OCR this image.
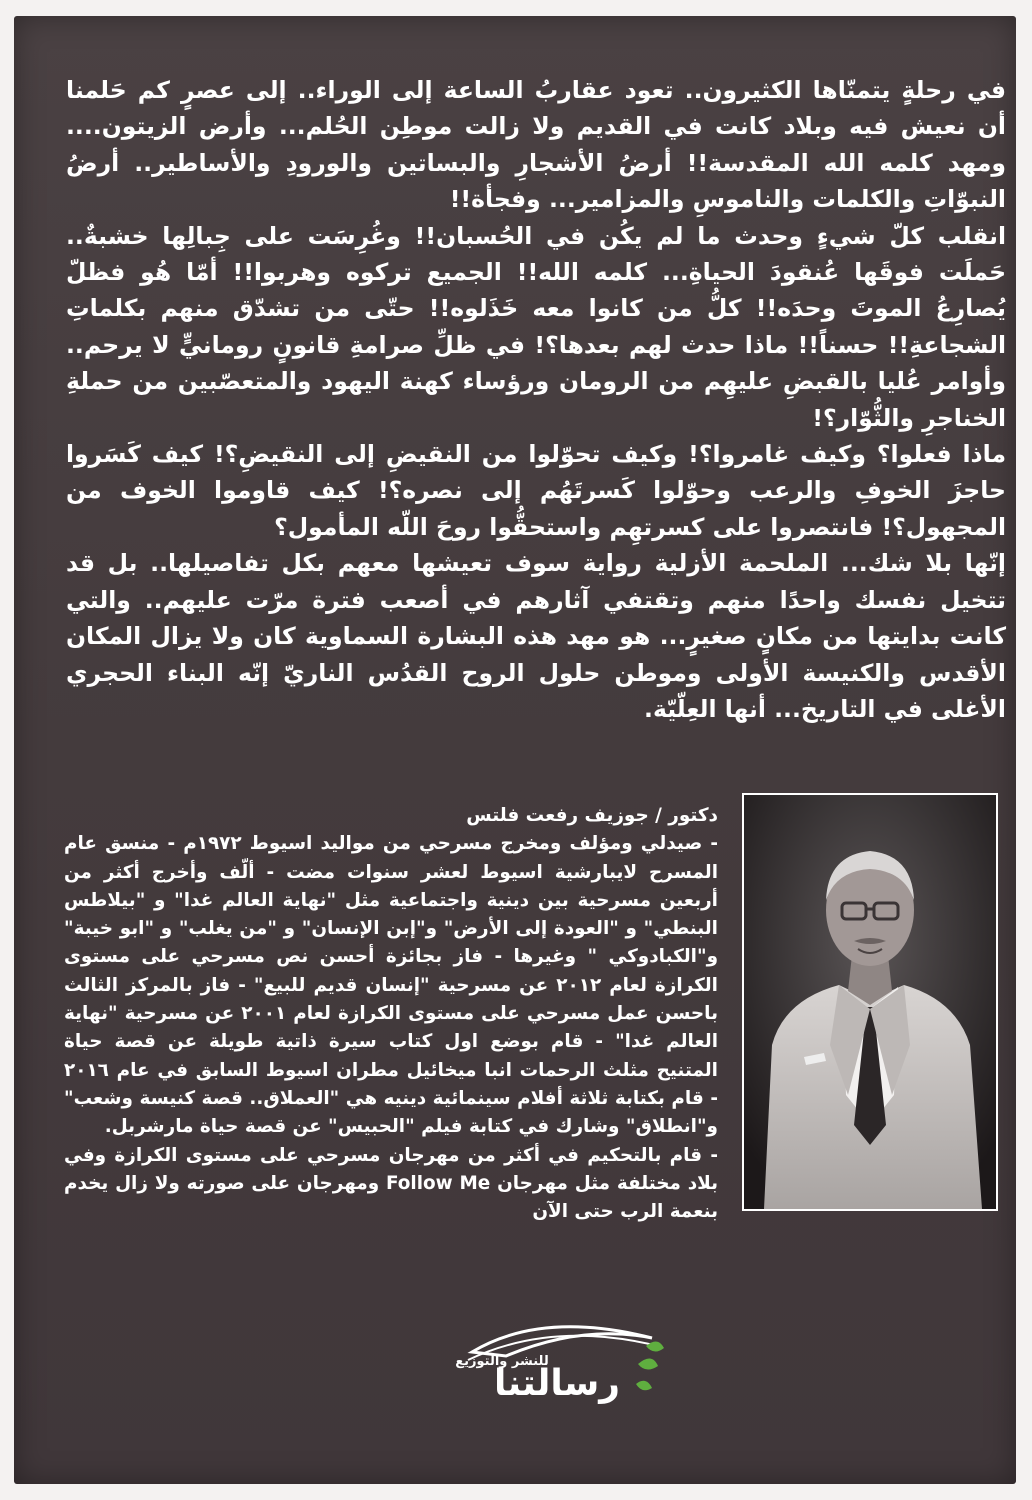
في رحلةٍ يتمنّاها الكثيرون.. تعود عقاربُ الساعة إلى الوراء.. إلى عصرٍ كم حَلمنا أن نعيش فيه وبلاد كانت في القديم ولا زالت موطِن الحُلم... وأرض الزيتون.... ومهد كلمه الله المقدسة!! أرضُ الأشجارِ والبساتين والورودِ والأساطير.. أرضُ النبوّاتِ والكلمات والناموسِ والمزامير... وفجأة!!

انقلب كلّ شيءٍ وحدث ما لم يكُن في الحُسبان!! وغُرِسَت على جِبالِها خشبةٌ.. حَملَت فوقَها عُنقودَ الحياةِ... كلمه الله!! الجميع تركوه وهربوا!! أمّا هُو فظلّ يُصارِعُ الموتَ وحدَه!! كلُّ من كانوا معه خَذَلوه!! حتّى من تشدّق منهم بكلماتِ الشجاعةِ!! حسناً!! ماذا حدث لهم بعدها؟! في ظلِّ صرامةِ قانونٍ رومانيٍّ لا يرحم.. وأوامر عُليا بالقبضِ عليهِم من الرومان ورؤساء كهنة اليهود والمتعصّبين من حملةِ الخناجرِ والثُّوّار؟!

ماذا فعلوا؟ وكيف غامروا؟! وكيف تحوّلوا من النقيضِ إلى النقيضِ؟! كيف كَسَروا حاجزَ الخوفِ والرعب وحوّلوا كَسرتَهُم إلى نصره؟! كيف قاوموا الخوف من المجهول؟! فانتصروا على كسرتهِم واستحقُّوا روحَ اللّه المأمول؟

إنّها بلا شك... الملحمة الأزلية رواية سوف تعيشها معهم بكل تفاصيلها.. بل قد تتخيل نفسك واحدًا منهم وتقتفي آثارهم في أصعب فترة مرّت عليهم.. والتي كانت بدايتها من مكانٍ صغيرٍ... هو مهد هذه البشارة السماوية كان ولا يزال المكان الأقدس والكنيسة الأولى وموطن حلول الروح القدُس الناريّ إنّه البناء الحجري الأغلى في التاريخ... أنها العِلّيّة.

دكتور / جوزيف رفعت فلتس

- صيدلي ومؤلف ومخرج مسرحي من مواليد اسيوط ١٩٧٢م - منسق عام المسرح لايبارشية اسيوط لعشر سنوات مضت - ألّف وأخرج أكثر من أربعين مسرحية بين دينية واجتماعية مثل "نهاية العالم غدا" و "بيلاطس البنطي" و "العودة إلى الأرض" و"إبن الإنسان" و "من يغلب" و "ابو خيبة" و"الكبادوكي " وغيرها - فاز بجائزة أحسن نص مسرحي على مستوى الكرازة لعام ٢٠١٢ عن مسرحية "إنسان قديم للبيع" - فاز بالمركز الثالث باحسن عمل مسرحي على مستوى الكرازة لعام ٢٠٠١ عن مسرحية "نهاية العالم غدا" - قام بوضع اول كتاب سيرة ذاتية طويلة عن قصة حياة المتنيح مثلث الرحمات انبا ميخائيل مطران اسيوط السابق في عام ٢٠١٦ - قام بكتابة ثلاثة أفلام سينمائية دينيه هي "العملاق.. قصة كنيسة وشعب" و"انطلاق" وشارك في كتابة فيلم "الحبيس" عن قصة حياة مارشربل.

- قام بالتحكيم في أكثر من مهرجان مسرحي على مستوى الكرازة وفي بلاد مختلفة مثل مهرجان Follow Me ومهرجان على صورته ولا زال يخدم بنعمة الرب حتى الآن

رسالتنا
للنشر والتوزيع
